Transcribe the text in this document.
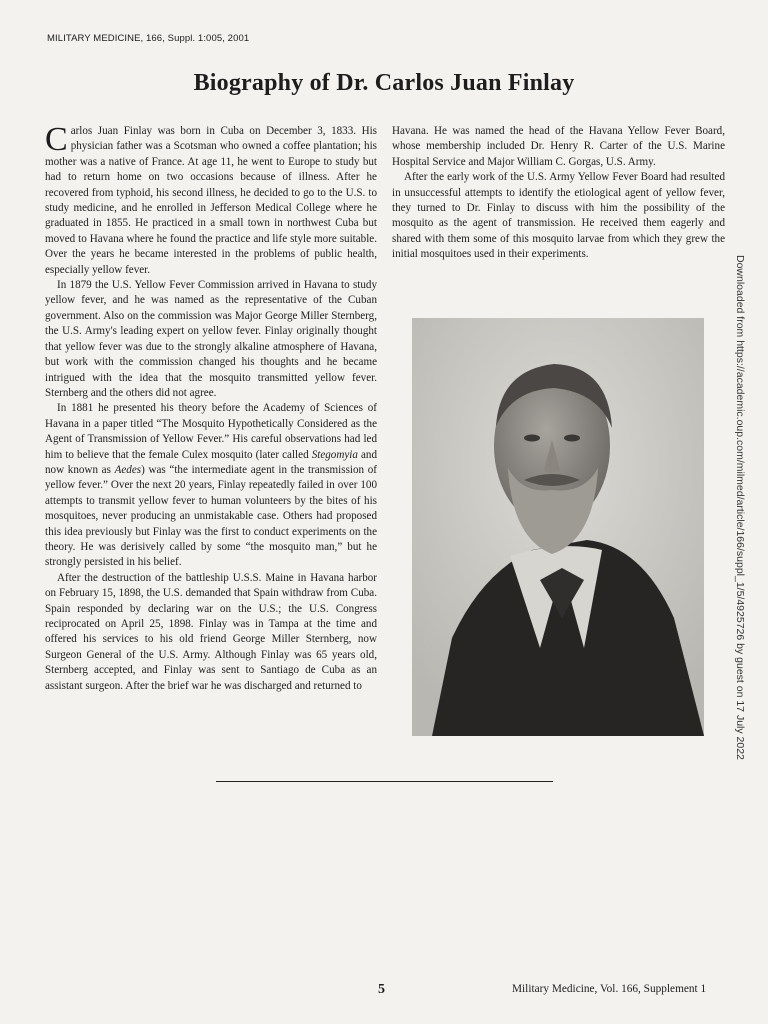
MILITARY MEDICINE, 166, Suppl. 1:005, 2001
Biography of Dr. Carlos Juan Finlay

Carlos Juan Finlay was born in Cuba on December 3, 1833. His physician father was a Scotsman who owned a coffee plantation; his mother was a native of France. At age 11, he went to Europe to study but had to return home on two occasions because of illness. After he recovered from typhoid, his second illness, he decided to go to the U.S. to study medicine, and he enrolled in Jefferson Medical College where he graduated in 1855. He practiced in a small town in northwest Cuba but moved to Havana where he found the practice and life style more suitable. Over the years he became interested in the problems of public health, especially yellow fever.

In 1879 the U.S. Yellow Fever Commission arrived in Havana to study yellow fever, and he was named as the representative of the Cuban government. Also on the commission was Major George Miller Sternberg, the U.S. Army's leading expert on yellow fever. Finlay originally thought that yellow fever was due to the strongly alkaline atmosphere of Havana, but work with the commission changed his thoughts and he became intrigued with the idea that the mosquito transmitted yellow fever. Sternberg and the others did not agree.

In 1881 he presented his theory before the Academy of Sciences of Havana in a paper titled “The Mosquito Hypothetically Considered as the Agent of Transmission of Yellow Fever.” His careful observations had led him to believe that the female Culex mosquito (later called Stegomyia and now known as Aedes) was “the intermediate agent in the transmission of yellow fever.” Over the next 20 years, Finlay repeatedly failed in over 100 attempts to transmit yellow fever to human volunteers by the bites of his mosquitoes, never producing an unmistakable case. Others had proposed this idea previously but Finlay was the first to conduct experiments on the theory. He was derisively called by some “the mosquito man,” but he strongly persisted in his belief.

After the destruction of the battleship U.S.S. Maine in Havana harbor on February 15, 1898, the U.S. demanded that Spain withdraw from Cuba. Spain responded by declaring war on the U.S.; the U.S. Congress reciprocated on April 25, 1898. Finlay was in Tampa at the time and offered his services to his old friend George Miller Sternberg, now Surgeon General of the U.S. Army. Although Finlay was 65 years old, Sternberg accepted, and Finlay was sent to Santiago de Cuba as an assistant surgeon. After the brief war he was discharged and returned to

Havana. He was named the head of the Havana Yellow Fever Board, whose membership included Dr. Henry R. Carter of the U.S. Marine Hospital Service and Major William C. Gorgas, U.S. Army.

After the early work of the U.S. Army Yellow Fever Board had resulted in unsuccessful attempts to identify the etiological agent of yellow fever, they turned to Dr. Finlay to discuss with him the possibility of the mosquito as the agent of transmission. He received them eagerly and shared with them some of this mosquito larvae from which they grew the initial mosquitoes used in their experiments.

Downloaded from https://academic.oup.com/milmed/article/166/suppl_1/5/4925726 by guest on 17 July 2022
5	Military Medicine, Vol. 166, Supplement 1
